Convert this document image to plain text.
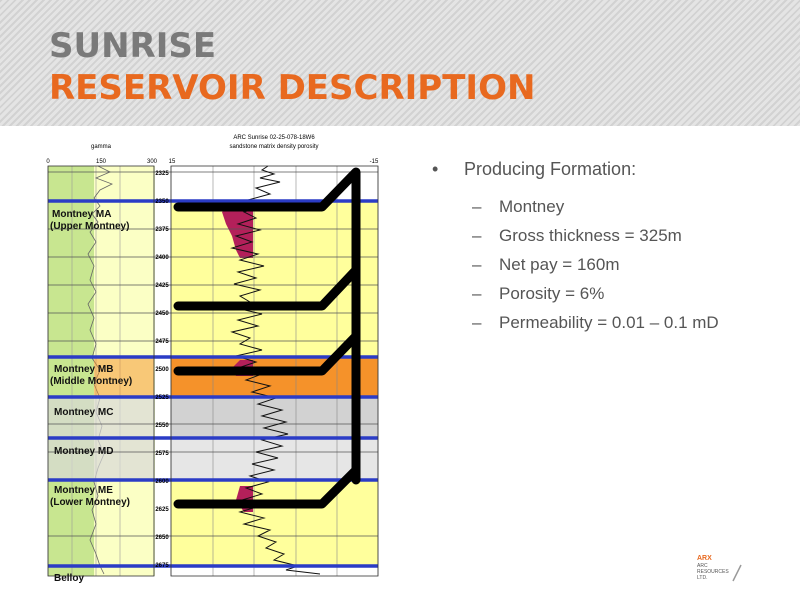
SUNRISE
RESERVOIR DESCRIPTION
gamma
0	150	300
ARC Sunrise 02-25-078-18W6
sandstone matrix density porosity
15	-15
2325
2350
2375
2400
2425
2450
2475
2500
2525
2550
2575
2600
2625
2650
2675
Montney MA
(Upper Montney)
Montney MB
(Middle Montney)
Montney MC
Montney MD
Montney ME
(Lower Montney)
Belloy
• Producing Formation:
– Montney
– Gross thickness = 325m
– Net pay = 160m
– Porosity = 6%
– Permeability = 0.01 – 0.1 mD
ARX
ARC
RESOURCES
LTD.
